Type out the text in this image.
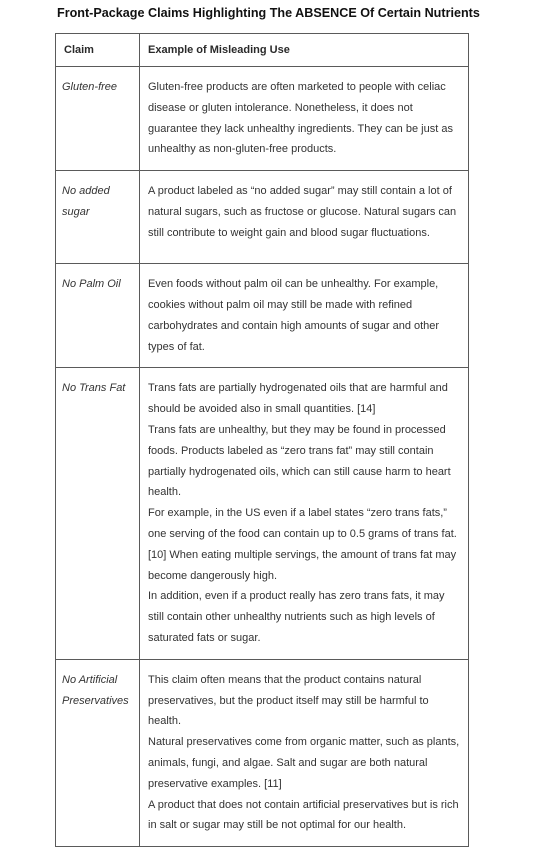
Front-Package Claims Highlighting The ABSENCE Of Certain Nutrients
Claim	Example of Misleading Use
Gluten-free	Gluten-free products are often marketed to people with celiac disease or gluten intolerance. Nonetheless, it does not guarantee they lack unhealthy ingredients. They can be just as unhealthy as non-gluten-free products.

No added sugar	A product labeled as “no added sugar” may still contain a lot of natural sugars, such as fructose or glucose. Natural sugars can still contribute to weight gain and blood sugar fluctuations.

No Palm Oil	Even foods without palm oil can be unhealthy. For example, cookies without palm oil may still be made with refined carbohydrates and contain high amounts of sugar and other types of fat.

No Trans Fat	Trans fats are partially hydrogenated oils that are harmful and should be avoided also in small quantities. [14]

Trans fats are unhealthy, but they may be found in processed foods. Products labeled as “zero trans fat” may still contain partially hydrogenated oils, which can still cause harm to heart health.

For example, in the US even if a label states “zero trans fats,” one serving of the food can contain up to 0.5 grams of trans fat. [10] When eating multiple servings, the amount of trans fat may become dangerously high.

In addition, even if a product really has zero trans fats, it may still contain other unhealthy nutrients such as high levels of saturated fats or sugar.

No Artificial Preservatives	This claim often means that the product contains natural preservatives, but the product itself may still be harmful to health.

Natural preservatives come from organic matter, such as plants, animals, fungi, and algae. Salt and sugar are both natural preservative examples. [11]

A product that does not contain artificial preservatives but is rich in salt or sugar may still be not optimal for our health.
